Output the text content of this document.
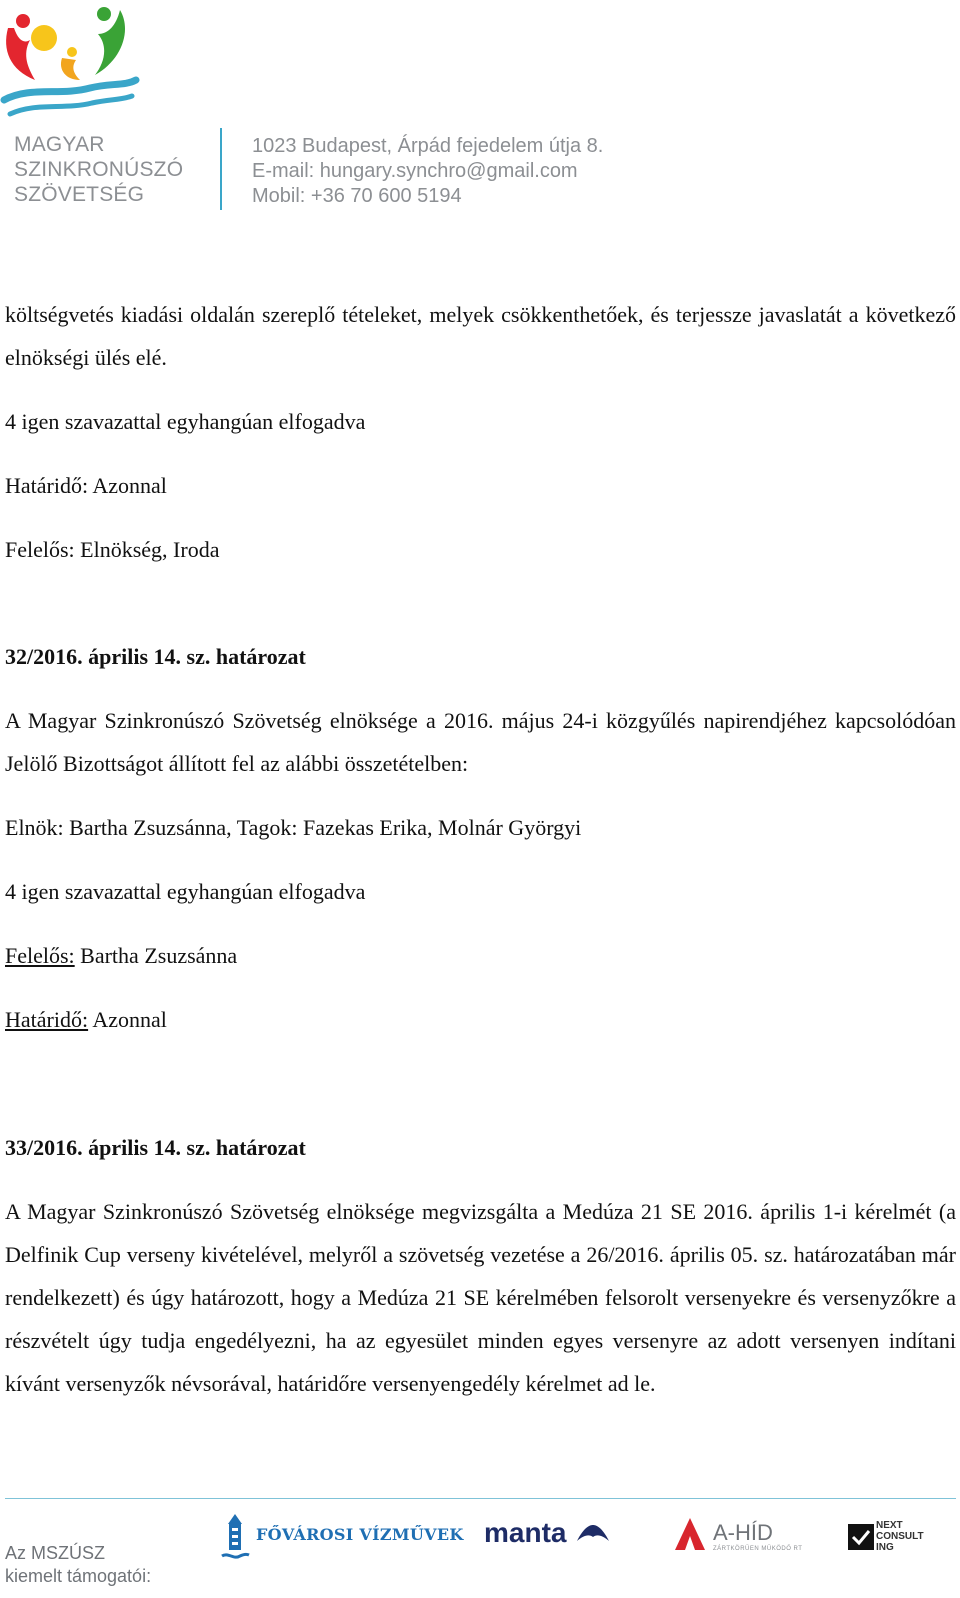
MAGYAR
SZINKRONÚSZÓ
SZÖVETSÉG
1023 Budapest, Árpád fejedelem útja 8.
E-mail: hungary.synchro@gmail.com
Mobil: +36 70 600 5194

költségvetés kiadási oldalán szereplő tételeket, melyek csökkenthetőek, és terjessze javaslatát a következő elnökségi ülés elé.

4 igen szavazattal egyhangúan elfogadva

Határidő: Azonnal

Felelős: Elnökség, Iroda

32/2016. április 14. sz. határozat

A Magyar Szinkronúszó Szövetség elnöksége a 2016. május 24-i közgyűlés napirendjéhez kapcsolódóan Jelölő Bizottságot állított fel az alábbi összetételben:

Elnök: Bartha Zsuzsánna, Tagok: Fazekas Erika, Molnár Györgyi

4 igen szavazattal egyhangúan elfogadva

Felelős: Bartha Zsuzsánna

Határidő: Azonnal

33/2016. április 14. sz. határozat

A Magyar Szinkronúszó Szövetség elnöksége megvizsgálta a Medúza 21 SE 2016. április 1-i kérelmét (a Delfinik Cup verseny kivételével, melyről a szövetség vezetése a 26/2016. április 05. sz. határozatában már rendelkezett) és úgy határozott, hogy a Medúza 21 SE kérelmében felsorolt versenyekre és versenyzőkre a részvételt úgy tudja engedélyezni, ha az egyesület minden egyes versenyre az adott versenyen indítani kívánt versenyzők névsorával, határidőre versenyengedély kérelmet ad le.

Az MSZÚSZ
kiemelt támogatói:
FŐVÁROSI VÍZMŰVEK manta	A-HÍD
ZÁRTKÖRŰEN MŰKÖDŐ RT
NEXT
CONSULT
ING
